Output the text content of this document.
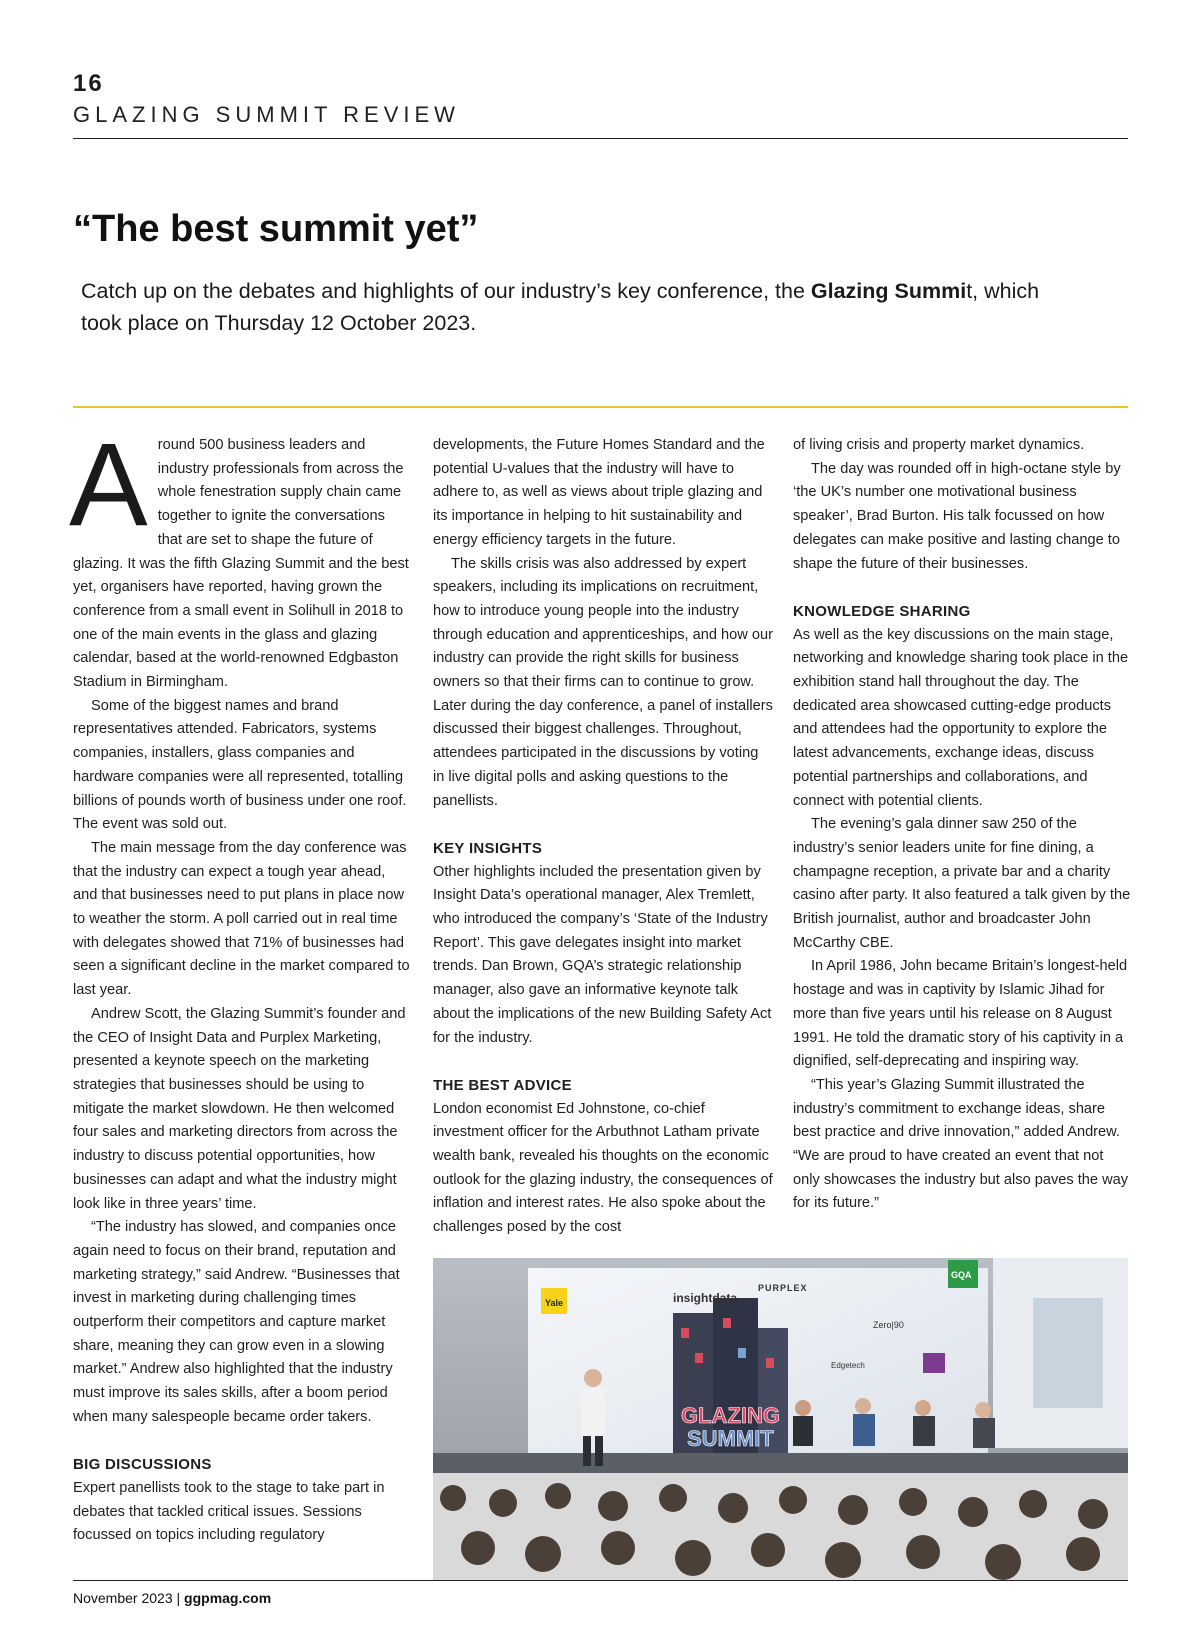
16
GLAZING SUMMIT REVIEW
“The best summit yet”
Catch up on the debates and highlights of our industry’s key conference, the Glazing Summit, which took place on Thursday 12 October 2023.

Around 500 business leaders and industry professionals from across the whole fenestration supply chain came together to ignite the conversations that are set to shape the future of glazing. It was the fifth Glazing Summit and the best yet, organisers have reported, having grown the conference from a small event in Solihull in 2018 to one of the main events in the glass and glazing calendar, based at the world-renowned Edgbaston Stadium in Birmingham.

Some of the biggest names and brand representatives attended. Fabricators, systems companies, installers, glass companies and hardware companies were all represented, totalling billions of pounds worth of business under one roof. The event was sold out.

The main message from the day conference was that the industry can expect a tough year ahead, and that businesses need to put plans in place now to weather the storm. A poll carried out in real time with delegates showed that 71% of businesses had seen a significant decline in the market compared to last year.

Andrew Scott, the Glazing Summit’s founder and the CEO of Insight Data and Purplex Marketing, presented a keynote speech on the marketing strategies that businesses should be using to mitigate the market slowdown. He then welcomed four sales and marketing directors from across the industry to discuss potential opportunities, how businesses can adapt and what the industry might look like in three years’ time.

“The industry has slowed, and companies once again need to focus on their brand, reputation and marketing strategy,” said Andrew. “Businesses that invest in marketing during challenging times outperform their competitors and capture market share, meaning they can grow even in a slowing market.” Andrew also highlighted that the industry must improve its sales skills, after a boom period when many salespeople became order takers.

BIG DISCUSSIONS

Expert panellists took to the stage to take part in debates that tackled critical issues. Sessions focussed on topics including regulatory

developments, the Future Homes Standard and the potential U-values that the industry will have to adhere to, as well as views about triple glazing and its importance in helping to hit sustainability and energy efficiency targets in the future.

The skills crisis was also addressed by expert speakers, including its implications on recruitment, how to introduce young people into the industry through education and apprenticeships, and how our industry can provide the right skills for business owners so that their firms can to continue to grow. Later during the day conference, a panel of installers discussed their biggest challenges. Throughout, attendees participated in the discussions by voting in live digital polls and asking questions to the panellists.

KEY INSIGHTS

Other highlights included the presentation given by Insight Data’s operational manager, Alex Tremlett, who introduced the company’s ‘State of the Industry Report’. This gave delegates insight into market trends. Dan Brown, GQA’s strategic relationship manager, also gave an informative keynote talk about the implications of the new Building Safety Act for the industry.

THE BEST ADVICE

London economist Ed Johnstone, co-chief investment officer for the Arbuthnot Latham private wealth bank, revealed his thoughts on the economic outlook for the glazing industry, the consequences of inflation and interest rates. He also spoke about the challenges posed by the cost

of living crisis and property market dynamics.

The day was rounded off in high-octane style by ‘the UK’s number one motivational business speaker’, Brad Burton. His talk focussed on how delegates can make positive and lasting change to shape the future of their businesses.

KNOWLEDGE SHARING

As well as the key discussions on the main stage, networking and knowledge sharing took place in the exhibition stand hall throughout the day. The dedicated area showcased cutting-edge products and attendees had the opportunity to explore the latest advancements, exchange ideas, discuss potential partnerships and collaborations, and connect with potential clients.

The evening’s gala dinner saw 250 of the industry’s senior leaders unite for fine dining, a champagne reception, a private bar and a charity casino after party. It also featured a talk given by the British journalist, author and broadcaster John McCarthy CBE.

In April 1986, John became Britain’s longest-held hostage and was in captivity by Islamic Jihad for more than five years until his release on 8 August 1991. He told the dramatic story of his captivity in a dignified, self-deprecating and inspiring way.

“This year’s Glazing Summit illustrated the industry’s commitment to exchange ideas, share best practice and drive innovation,” added Andrew. “We are proud to have created an event that not only showcases the industry but also paves the way for its future.”

insightdata
PURPLEX
Yale
GQA
Zero|90
Edgetech
GLAZING
SUMMIT
November 2023 | ggpmag.com
